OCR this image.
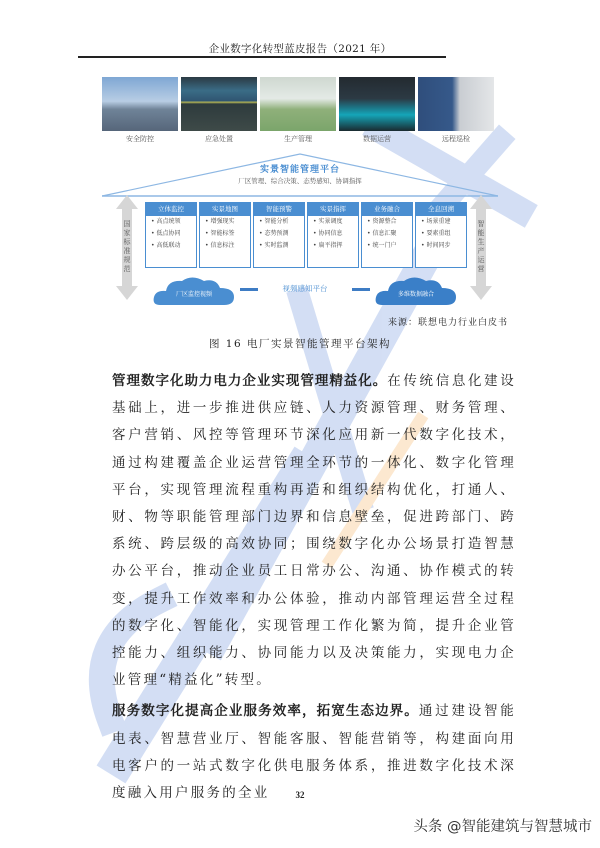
企业数字化转型蓝皮报告（2021 年）
安全防控	应急处置	生产管理	数据运营	远程巡检
实景智能管理平台
厂区管理、综合决策、态势感知、协调指挥
国家标准规范
智能生产运营
立体监控
• 高点统领
• 低点协同
• 高低联动
实景地图
• 增强现实
• 智能标签
• 信息标注
智能预警
• 智能分析
• 态势预测
• 实时监测
实景指挥
• 实景调度
• 协同信息
• 扁平指挥
业务融合
• 资源整合
• 信息汇聚
• 统一门户
全息回溯
• 场景重建
• 要素重组
• 时间同步
厂区监控视频
视频感知平台
多维数据融合
来源：联想电力行业白皮书
图 16 电厂实景智能管理平台架构

管理数字化助力电力企业实现管理精益化。在传统信息化建设基础上，进一步推进供应链、人力资源管理、财务管理、客户营销、风控等管理环节深化应用新一代数字化技术，通过构建覆盖企业运营管理全环节的一体化、数字化管理平台，实现管理流程重构再造和组织结构优化，打通人、财、物等职能管理部门边界和信息壁垒，促进跨部门、跨系统、跨层级的高效协同；围绕数字化办公场景打造智慧办公平台，推动企业员工日常办公、沟通、协作模式的转变，提升工作效率和办公体验，推动内部管理运营全过程的数字化、智能化，实现管理工作化繁为简，提升企业管控能力、组织能力、协同能力以及决策能力，实现电力企业管理“精益化”转型。

服务数字化提高企业服务效率，拓宽生态边界。通过建设智能电表、智慧营业厅、智能客服、智能营销等，构建面向用电客户的一站式数字化供电服务体系，推进数字化技术深度融入用户服务的全业	32
头条 @智能建筑与智慧城市
